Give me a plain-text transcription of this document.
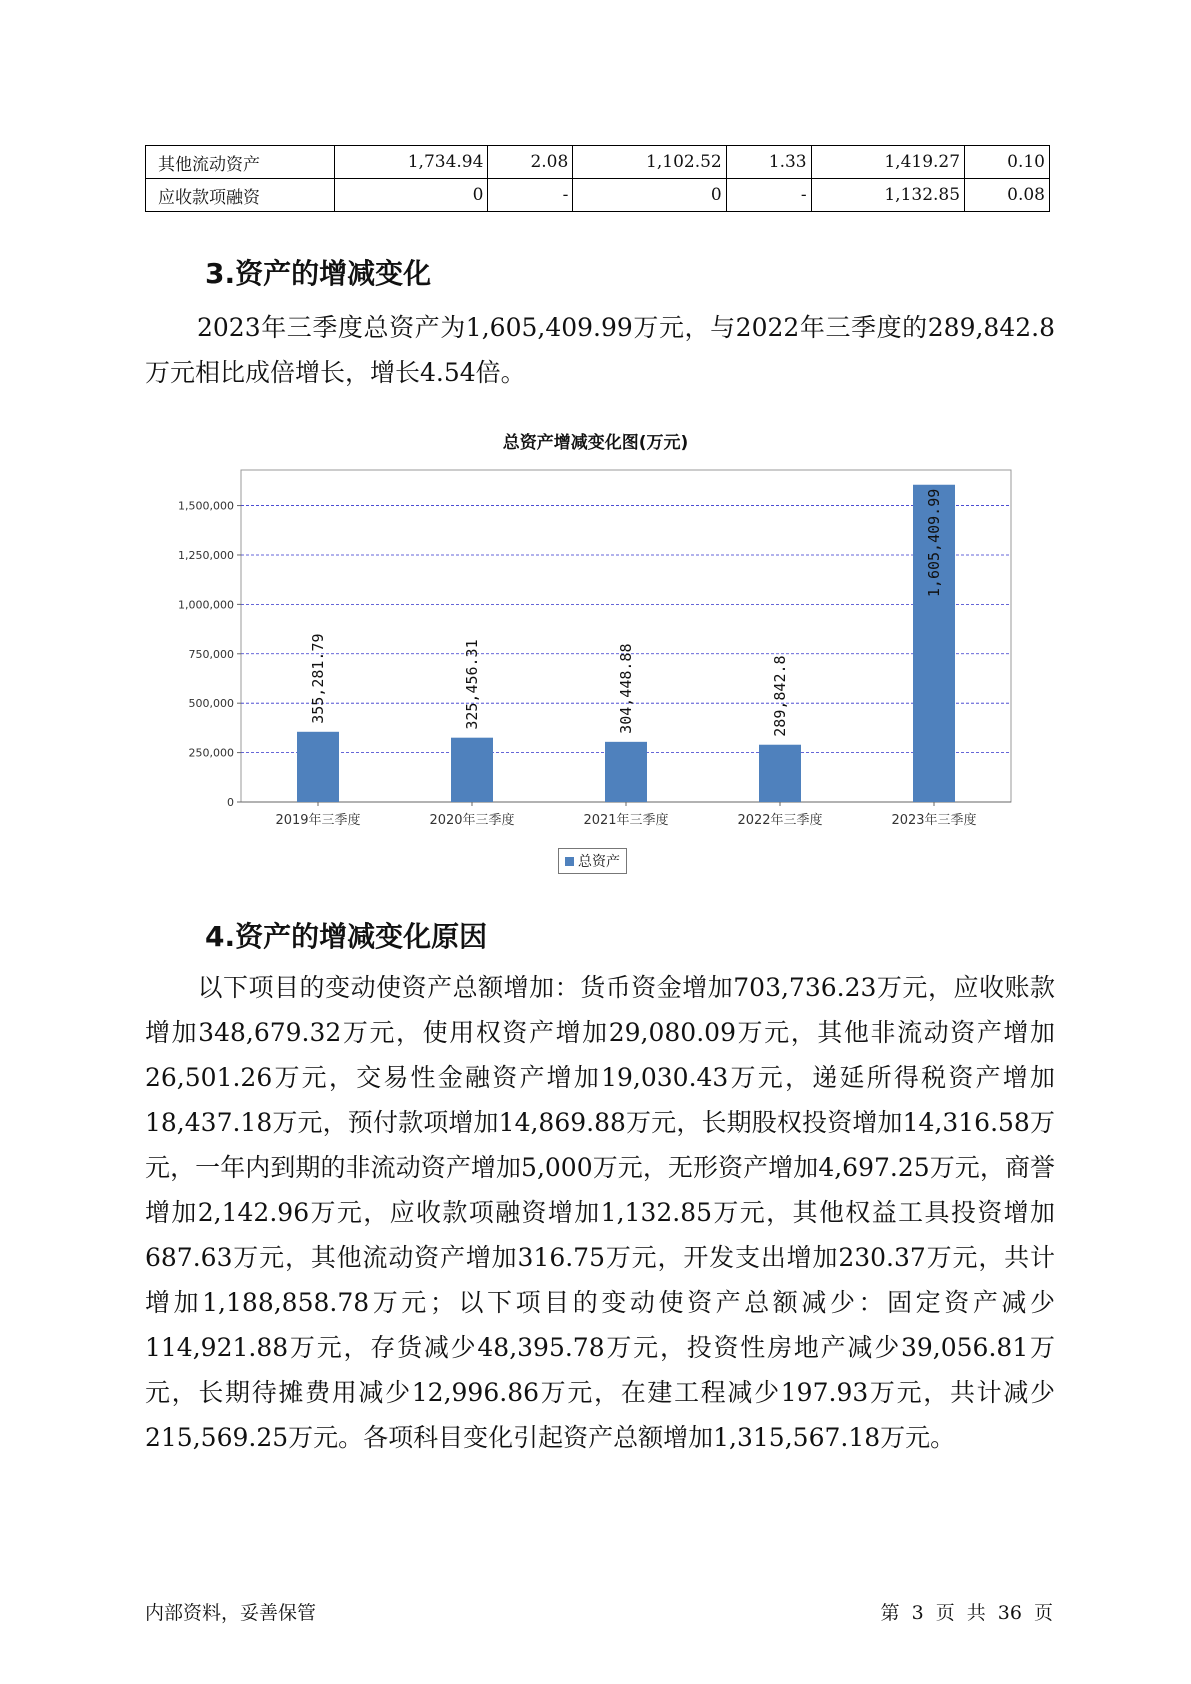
其他流动资产	1,734.94	2.08	1,102.52	1.33	1,419.27	0.10
应收款项融资	0	-	0	-	1,132.85	0.08
3.资产的增减变化

2023年三季度总资产为1,605,409.99万元，与2022年三季度的289,842.8万元相比成倍增长，增长4.54倍。

总资产增减变化图(万元)
0
250,000
500,000
750,000
1,000,000
1,250,000
1,500,000
2019年三季度
355,281.79
2020年三季度
325,456.31
2021年三季度
304,448.88
2022年三季度
289,842.8
2023年三季度
1,605,409.99
总资产
4.资产的增减变化原因

以下项目的变动使资产总额增加：货币资金增加703,736.23万元，应收账款增加348,679.32万元，使用权资产增加29,080.09万元，其他非流动资产增加26,501.26万元，交易性金融资产增加19,030.43万元，递延所得税资产增加18,437.18万元，预付款项增加14,869.88万元，长期股权投资增加14,316.58万元，一年内到期的非流动资产增加5,000万元，无形资产增加4,697.25万元，商誉增加2,142.96万元，应收款项融资增加1,132.85万元，其他权益工具投资增加687.63万元，其他流动资产增加316.75万元，开发支出增加230.37万元，共计增加1,188,858.78万元；以下项目的变动使资产总额减少：固定资产减少114,921.88万元，存货减少48,395.78万元，投资性房地产减少39,056.81万元，长期待摊费用减少12,996.86万元，在建工程减少197.93万元，共计减少215,569.25万元。各项科目变化引起资产总额增加1,315,567.18万元。

内部资料，妥善保管	第 3 页 共 36 页
